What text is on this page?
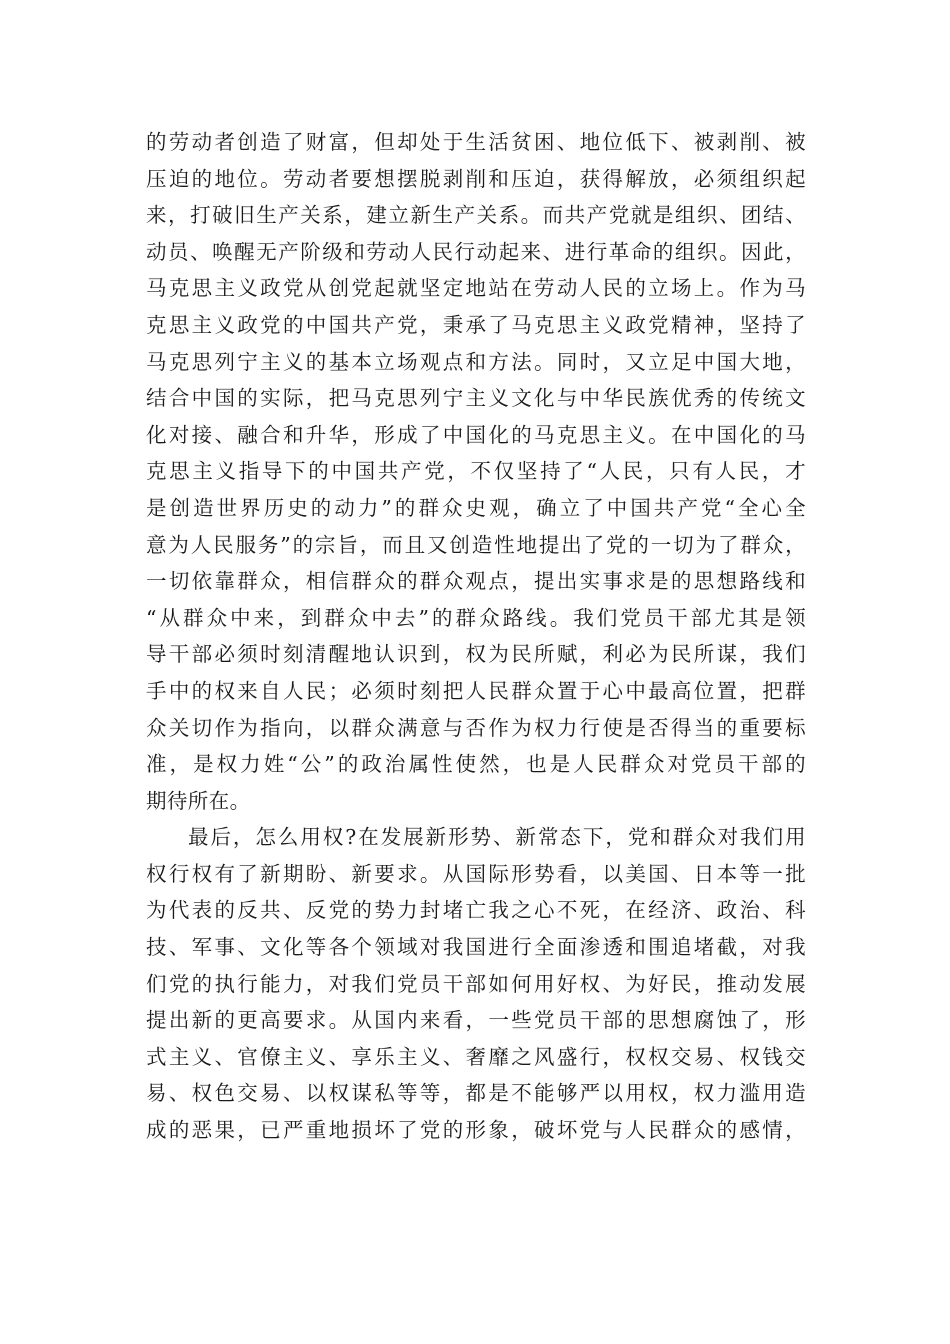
的劳动者创造了财富，但却处于生活贫困、地位低下、被剥削、被
压迫的地位。劳动者要想摆脱剥削和压迫，获得解放，必须组织起
来，打破旧生产关系，建立新生产关系。而共产党就是组织、团结、
动员、唤醒无产阶级和劳动人民行动起来、进行革命的组织。因此，
马克思主义政党从创党起就坚定地站在劳动人民的立场上。作为马
克思主义政党的中国共产党，秉承了马克思主义政党精神，坚持了
马克思列宁主义的基本立场观点和方法。同时，又立足中国大地，
结合中国的实际，把马克思列宁主义文化与中华民族优秀的传统文
化对接、融合和升华，形成了中国化的马克思主义。在中国化的马
克思主义指导下的中国共产党，不仅坚持了“人民，只有人民，才
是创造世界历史的动力”的群众史观，确立了中国共产党“全心全
意为人民服务”的宗旨，而且又创造性地提出了党的一切为了群众，
一切依靠群众，相信群众的群众观点，提出实事求是的思想路线和
“从群众中来，到群众中去”的群众路线。我们党员干部尤其是领
导干部必须时刻清醒地认识到，权为民所赋，利必为民所谋，我们
手中的权来自人民；必须时刻把人民群众置于心中最高位置，把群
众关切作为指向，以群众满意与否作为权力行使是否得当的重要标
准，是权力姓“公”的政治属性使然，也是人民群众对党员干部的
期待所在。
最后，怎么用权?在发展新形势、新常态下，党和群众对我们用
权行权有了新期盼、新要求。从国际形势看，以美国、日本等一批
为代表的反共、反党的势力封堵亡我之心不死，在经济、政治、科
技、军事、文化等各个领域对我国进行全面渗透和围追堵截，对我
们党的执行能力，对我们党员干部如何用好权、为好民，推动发展
提出新的更高要求。从国内来看，一些党员干部的思想腐蚀了，形
式主义、官僚主义、享乐主义、奢靡之风盛行，权权交易、权钱交
易、权色交易、以权谋私等等，都是不能够严以用权，权力滥用造
成的恶果，已严重地损坏了党的形象，破坏党与人民群众的感情，
